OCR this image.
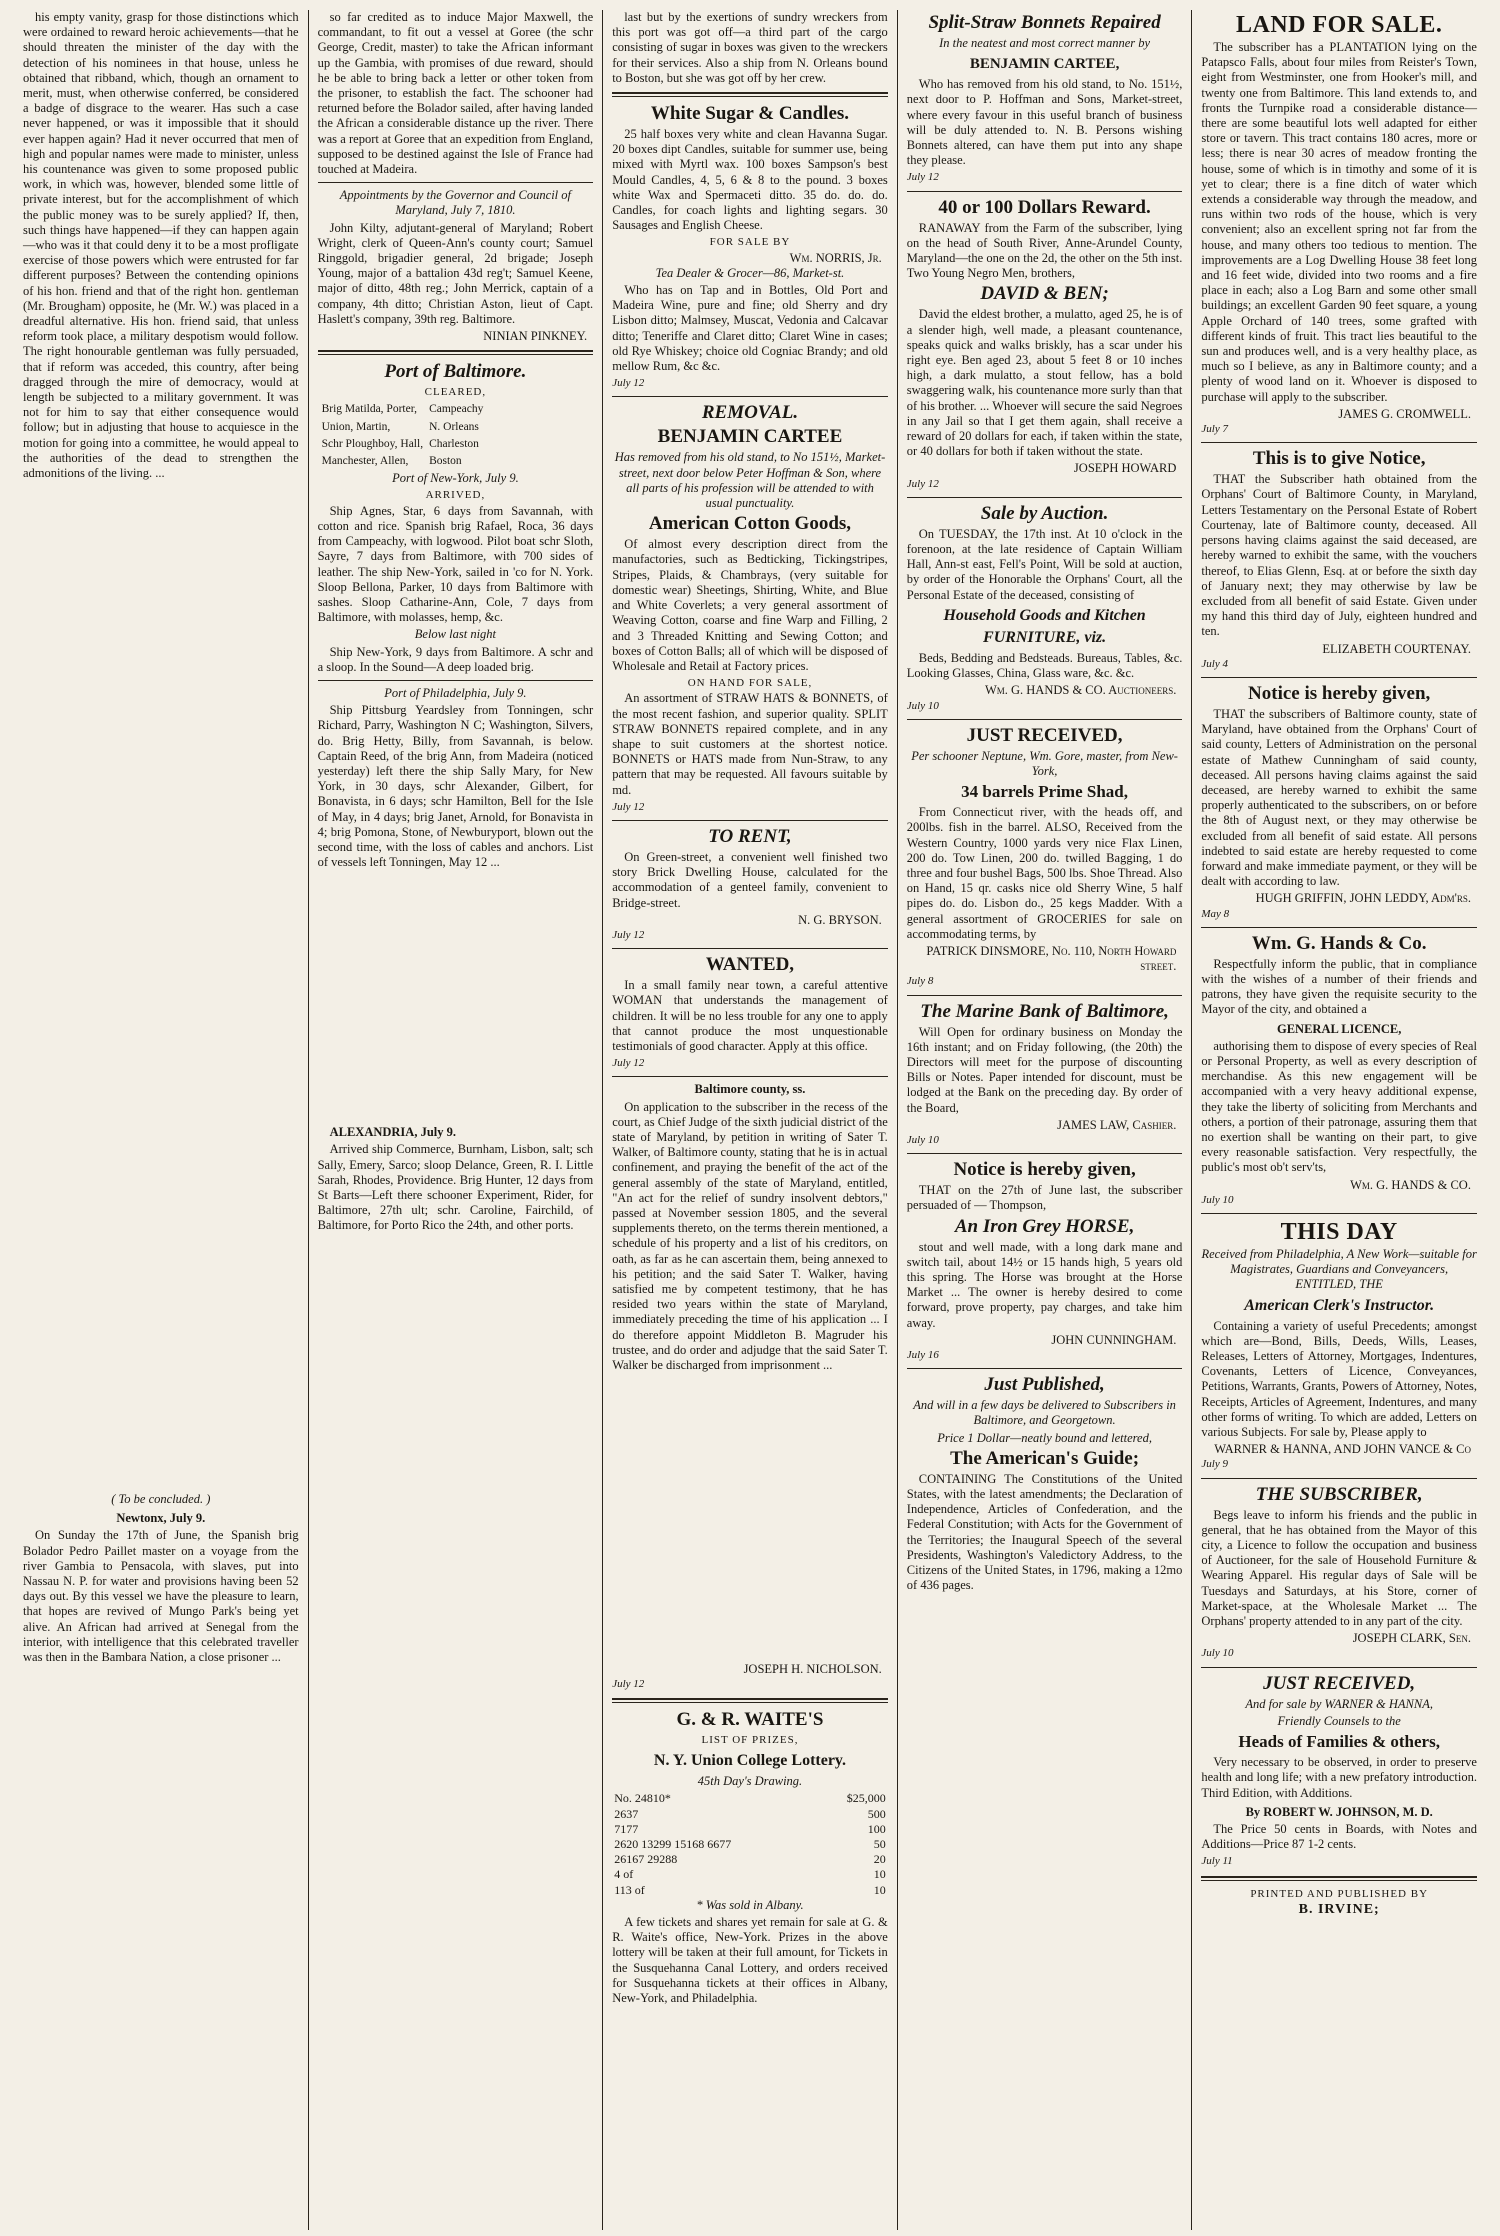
his empty vanity, grasp for those distinctions which were ordained to reward heroic achievements—that he should threaten the minister of the day with the detection of his nominees in that house, unless he obtained that ribband, which, though an ornament to merit, must, when otherwise conferred, be considered a badge of disgrace to the wearer. Has such a case never happened, or was it impossible that it should ever happen again? Had it never occurred that men of high and popular names were made to minister, unless his countenance was given to some proposed public work, in which was, however, blended some little of private interest, but for the accomplishment of which the public money was to be surely applied? If, then, such things have happened—if they can happen again—who was it that could deny it to be a most profligate exercise of those powers which were entrusted for far different purposes? Between the contending opinions of his hon. friend and that of the right hon. gentleman (Mr. Brougham) opposite, he (Mr. W.) was placed in a dreadful alternative. His hon. friend said, that unless reform took place, a military despotism would follow. The right honourable gentleman was fully persuaded, that if reform was acceded, this country, after being dragged through the mire of democracy, would at length be subjected to a military government. It was not for him to say that either consequence would follow; but in adjusting that house to acquiesce in the motion for going into a committee, he would appeal to the authorities of the dead to strengthen the admonitions of the living. ...

( To be concluded. )
Newtonx, July 9.

On Sunday the 17th of June, the Spanish brig Bolador Pedro Paillet master on a voyage from the river Gambia to Pensacola, with slaves, put into Nassau N. P. for water and provisions having been 52 days out. By this vessel we have the pleasure to learn, that hopes are revived of Mungo Park's being yet alive. An African had arrived at Senegal from the interior, with intelligence that this celebrated traveller was then in the Bambara Nation, a close prisoner ...

so far credited as to induce Major Maxwell, the commandant, to fit out a vessel at Goree (the schr George, Credit, master) to take the African informant up the Gambia, with promises of due reward, should he be able to bring back a letter or other token from the prisoner, to establish the fact. The schooner had returned before the Bolador sailed, after having landed the African a considerable distance up the river. There was a report at Goree that an expedition from England, supposed to be destined against the Isle of France had touched at Madeira.

Appointments by the Governor and Council of Maryland, July 7, 1810.

John Kilty, adjutant-general of Maryland; Robert Wright, clerk of Queen-Ann's county court; Samuel Ringgold, brigadier general, 2d brigade; Joseph Young, major of a battalion 43d reg't; Samuel Keene, major of ditto, 48th reg.; John Merrick, captain of a company, 4th ditto; Christian Aston, lieut of Capt. Haslett's company, 39th reg. Baltimore.

NINIAN PINKNEY.
Port of Baltimore.
CLEARED,
Brig Matilda, Porter,	Campeachy
Union, Martin,	N. Orleans
Schr Ploughboy, Hall,	Charleston
Manchester, Allen,	Boston
Port of New-York, July 9.
ARRIVED,

Ship Agnes, Star, 6 days from Savannah, with cotton and rice. Spanish brig Rafael, Roca, 36 days from Campeachy, with logwood. Pilot boat schr Sloth, Sayre, 7 days from Baltimore, with 700 sides of leather. The ship New-York, sailed in 'co for N. York. Sloop Bellona, Parker, 10 days from Baltimore with sashes. Sloop Catharine-Ann, Cole, 7 days from Baltimore, with molasses, hemp, &c.

Below last night

Ship New-York, 9 days from Baltimore. A schr and a sloop. In the Sound—A deep loaded brig.

Port of Philadelphia, July 9.

Ship Pittsburg Yeardsley from Tonningen, schr Richard, Parry, Washington N C; Washington, Silvers, do. Brig Hetty, Billy, from Savannah, is below. Captain Reed, of the brig Ann, from Madeira (noticed yesterday) left there the ship Sally Mary, for New York, in 30 days, schr Alexander, Gilbert, for Bonavista, in 6 days; schr Hamilton, Bell for the Isle of May, in 4 days; brig Janet, Arnold, for Bonavista in 4; brig Pomona, Stone, of Newburyport, blown out the second time, with the loss of cables and anchors. List of vessels left Tonningen, May 12 ...

ALEXANDRIA, July 9.

Arrived ship Commerce, Burnham, Lisbon, salt; sch Sally, Emery, Sarco; sloop Delance, Green, R. I. Little Sarah, Rhodes, Providence. Brig Hunter, 12 days from St Barts—Left there schooner Experiment, Rider, for Baltimore, 27th ult; schr. Caroline, Fairchild, of Baltimore, for Porto Rico the 24th, and other ports.

last but by the exertions of sundry wreckers from this port was got off—a third part of the cargo consisting of sugar in boxes was given to the wreckers for their services. Also a ship from N. Orleans bound to Boston, but she was got off by her crew.

White Sugar & Candles.

25 half boxes very white and clean Havanna Sugar. 20 boxes dipt Candles, suitable for summer use, being mixed with Myrtl wax. 100 boxes Sampson's best Mould Candles, 4, 5, 6 & 8 to the pound. 3 boxes white Wax and Spermaceti ditto. 35 do. do. do. Candles, for coach lights and lighting segars. 30 Sausages and English Cheese.

FOR SALE BY
Wm. NORRIS, Jr.
Tea Dealer & Grocer—86, Market-st.

Who has on Tap and in Bottles, Old Port and Madeira Wine, pure and fine; old Sherry and dry Lisbon ditto; Malmsey, Muscat, Vedonia and Calcavar ditto; Teneriffe and Claret ditto; Claret Wine in cases; old Rye Whiskey; choice old Cogniac Brandy; and old mellow Rum, &c &c.

July 12
REMOVAL.
BENJAMIN CARTEE
Has removed from his old stand, to No 151½, Market-street, next door below Peter Hoffman & Son, where all parts of his profession will be attended to with usual punctuality.
American Cotton Goods,

Of almost every description direct from the manufactories, such as Bedticking, Tickingstripes, Stripes, Plaids, & Chambrays, (very suitable for domestic wear) Sheetings, Shirting, White, and Blue and White Coverlets; a very general assortment of Weaving Cotton, coarse and fine Warp and Filling, 2 and 3 Threaded Knitting and Sewing Cotton; and boxes of Cotton Balls; all of which will be disposed of Wholesale and Retail at Factory prices.

ON HAND FOR SALE,

An assortment of STRAW HATS & BONNETS, of the most recent fashion, and superior quality. SPLIT STRAW BONNETS repaired complete, and in any shape to suit customers at the shortest notice. BONNETS or HATS made from Nun-Straw, to any pattern that may be requested. All favours suitable by md.

July 12
TO RENT,

On Green-street, a convenient well finished two story Brick Dwelling House, calculated for the accommodation of a genteel family, convenient to Bridge-street.

N. G. BRYSON.
July 12
WANTED,

In a small family near town, a careful attentive WOMAN that understands the management of children. It will be no less trouble for any one to apply that cannot produce the most unquestionable testimonials of good character. Apply at this office.

July 12
Baltimore county, ss.

On application to the subscriber in the recess of the court, as Chief Judge of the sixth judicial district of the state of Maryland, by petition in writing of Sater T. Walker, of Baltimore county, stating that he is in actual confinement, and praying the benefit of the act of the general assembly of the state of Maryland, entitled, "An act for the relief of sundry insolvent debtors," passed at November session 1805, and the several supplements thereto, on the terms therein mentioned, a schedule of his property and a list of his creditors, on oath, as far as he can ascertain them, being annexed to his petition; and the said Sater T. Walker, having satisfied me by competent testimony, that he has resided two years within the state of Maryland, immediately preceding the time of his application ... I do therefore appoint Middleton B. Magruder his trustee, and do order and adjudge that the said Sater T. Walker be discharged from imprisonment ...

JOSEPH H. NICHOLSON.
July 12
G. & R. WAITE'S
LIST OF PRIZES,
N. Y. Union College Lottery.
45th Day's Drawing.
No. 24810*	$25,000
2637	500
7177	100
2620 13299 15168 6677	50
26167 29288	20
4 of	10
113 of	10
* Was sold in Albany.

A few tickets and shares yet remain for sale at G. & R. Waite's office, New-York. Prizes in the above lottery will be taken at their full amount, for Tickets in the Susquehanna Canal Lottery, and orders received for Susquehanna tickets at their offices in Albany, New-York, and Philadelphia.

Split-Straw Bonnets Repaired
In the neatest and most correct manner by
BENJAMIN CARTEE,

Who has removed from his old stand, to No. 151½, next door to P. Hoffman and Sons, Market-street, where every favour in this useful branch of business will be duly attended to. N. B. Persons wishing Bonnets altered, can have them put into any shape they please.

July 12
40 or 100 Dollars Reward.

RANAWAY from the Farm of the subscriber, lying on the head of South River, Anne-Arundel County, Maryland—the one on the 2d, the other on the 5th inst. Two Young Negro Men, brothers,

DAVID & BEN;

David the eldest brother, a mulatto, aged 25, he is of a slender high, well made, a pleasant countenance, speaks quick and walks briskly, has a scar under his right eye. Ben aged 23, about 5 feet 8 or 10 inches high, a dark mulatto, a stout fellow, has a bold swaggering walk, his countenance more surly than that of his brother. ... Whoever will secure the said Negroes in any Jail so that I get them again, shall receive a reward of 20 dollars for each, if taken within the state, or 40 dollars for both if taken without the state.

JOSEPH HOWARD
July 12
Sale by Auction.

On TUESDAY, the 17th inst. At 10 o'clock in the forenoon, at the late residence of Captain William Hall, Ann-st east, Fell's Point, Will be sold at auction, by order of the Honorable the Orphans' Court, all the Personal Estate of the deceased, consisting of

Household Goods and Kitchen FURNITURE, viz.

Beds, Bedding and Bedsteads. Bureaus, Tables, &c. Looking Glasses, China, Glass ware, &c. &c.

Wm. G. HANDS & CO. Auctioneers.
July 10
JUST RECEIVED,
Per schooner Neptune, Wm. Gore, master, from New-York,
34 barrels Prime Shad,

From Connecticut river, with the heads off, and 200lbs. fish in the barrel. ALSO, Received from the Western Country, 1000 yards very nice Flax Linen, 200 do. Tow Linen, 200 do. twilled Bagging, 1 do three and four bushel Bags, 500 lbs. Shoe Thread. Also on Hand, 15 qr. casks nice old Sherry Wine, 5 half pipes do. do. Lisbon do., 25 kegs Madder. With a general assortment of GROCERIES for sale on accommodating terms, by

PATRICK DINSMORE, No. 110, North Howard street.
July 8
The Marine Bank of Baltimore,

Will Open for ordinary business on Monday the 16th instant; and on Friday following, (the 20th) the Directors will meet for the purpose of discounting Bills or Notes. Paper intended for discount, must be lodged at the Bank on the preceding day. By order of the Board,

JAMES LAW, Cashier.
July 10
Notice is hereby given,

THAT on the 27th of June last, the subscriber persuaded of — Thompson,

An Iron Grey HORSE,

stout and well made, with a long dark mane and switch tail, about 14½ or 15 hands high, 5 years old this spring. The Horse was brought at the Horse Market ... The owner is hereby desired to come forward, prove property, pay charges, and take him away.

JOHN CUNNINGHAM.
July 16
Just Published,
And will in a few days be delivered to Subscribers in Baltimore, and Georgetown.
Price 1 Dollar—neatly bound and lettered,
The American's Guide;

CONTAINING The Constitutions of the United States, with the latest amendments; the Declaration of Independence, Articles of Confederation, and the Federal Constitution; with Acts for the Government of the Territories; the Inaugural Speech of the several Presidents, Washington's Valedictory Address, to the Citizens of the United States, in 1796, making a 12mo of 436 pages.

LAND FOR SALE.

The subscriber has a PLANTATION lying on the Patapsco Falls, about four miles from Reister's Town, eight from Westminster, one from Hooker's mill, and twenty one from Baltimore. This land extends to, and fronts the Turnpike road a considerable distance—there are some beautiful lots well adapted for either store or tavern. This tract contains 180 acres, more or less; there is near 30 acres of meadow fronting the house, some of which is in timothy and some of it is yet to clear; there is a fine ditch of water which extends a considerable way through the meadow, and runs within two rods of the house, which is very convenient; also an excellent spring not far from the house, and many others too tedious to mention. The improvements are a Log Dwelling House 38 feet long and 16 feet wide, divided into two rooms and a fire place in each; also a Log Barn and some other small buildings; an excellent Garden 90 feet square, a young Apple Orchard of 140 trees, some grafted with different kinds of fruit. This tract lies beautiful to the sun and produces well, and is a very healthy place, as much so I believe, as any in Baltimore county; and a plenty of wood land on it. Whoever is disposed to purchase will apply to the subscriber.

JAMES G. CROMWELL.
July 7
This is to give Notice,

THAT the Subscriber hath obtained from the Orphans' Court of Baltimore County, in Maryland, Letters Testamentary on the Personal Estate of Robert Courtenay, late of Baltimore county, deceased. All persons having claims against the said deceased, are hereby warned to exhibit the same, with the vouchers thereof, to Elias Glenn, Esq. at or before the sixth day of January next; they may otherwise by law be excluded from all benefit of said Estate. Given under my hand this third day of July, eighteen hundred and ten.

ELIZABETH COURTENAY.
July 4
Notice is hereby given,

THAT the subscribers of Baltimore county, state of Maryland, have obtained from the Orphans' Court of said county, Letters of Administration on the personal estate of Mathew Cunningham of said county, deceased. All persons having claims against the said deceased, are hereby warned to exhibit the same properly authenticated to the subscribers, on or before the 8th of August next, or they may otherwise be excluded from all benefit of said estate. All persons indebted to said estate are hereby requested to come forward and make immediate payment, or they will be dealt with according to law.

HUGH GRIFFIN, JOHN LEDDY, Adm'rs.
May 8
Wm. G. Hands & Co.

Respectfully inform the public, that in compliance with the wishes of a number of their friends and patrons, they have given the requisite security to the Mayor of the city, and obtained a

GENERAL LICENCE,

authorising them to dispose of every species of Real or Personal Property, as well as every description of merchandise. As this new engagement will be accompanied with a very heavy additional expense, they take the liberty of soliciting from Merchants and others, a portion of their patronage, assuring them that no exertion shall be wanting on their part, to give every reasonable satisfaction. Very respectfully, the public's most ob't serv'ts,

Wm. G. HANDS & CO.
July 10
THIS DAY
Received from Philadelphia, A New Work—suitable for Magistrates, Guardians and Conveyancers, ENTITLED, THE
American Clerk's Instructor.

Containing a variety of useful Precedents; amongst which are—Bond, Bills, Deeds, Wills, Leases, Releases, Letters of Attorney, Mortgages, Indentures, Covenants, Letters of Licence, Conveyances, Petitions, Warrants, Grants, Powers of Attorney, Notes, Receipts, Articles of Agreement, Indentures, and many other forms of writing. To which are added, Letters on various Subjects. For sale by, Please apply to

WARNER & HANNA, AND JOHN VANCE & Co
July 9
THE SUBSCRIBER,

Begs leave to inform his friends and the public in general, that he has obtained from the Mayor of this city, a Licence to follow the occupation and business of Auctioneer, for the sale of Household Furniture & Wearing Apparel. His regular days of Sale will be Tuesdays and Saturdays, at his Store, corner of Market-space, at the Wholesale Market ... The Orphans' property attended to in any part of the city.

JOSEPH CLARK, Sen.
July 10
JUST RECEIVED,
And for sale by WARNER & HANNA,
Friendly Counsels to the
Heads of Families & others,

Very necessary to be observed, in order to preserve health and long life; with a new prefatory introduction. Third Edition, with Additions.

By ROBERT W. JOHNSON, M. D.

The Price 50 cents in Boards, with Notes and Additions—Price 87 1-2 cents.

July 11
PRINTED AND PUBLISHED BY
B. IRVINE;
